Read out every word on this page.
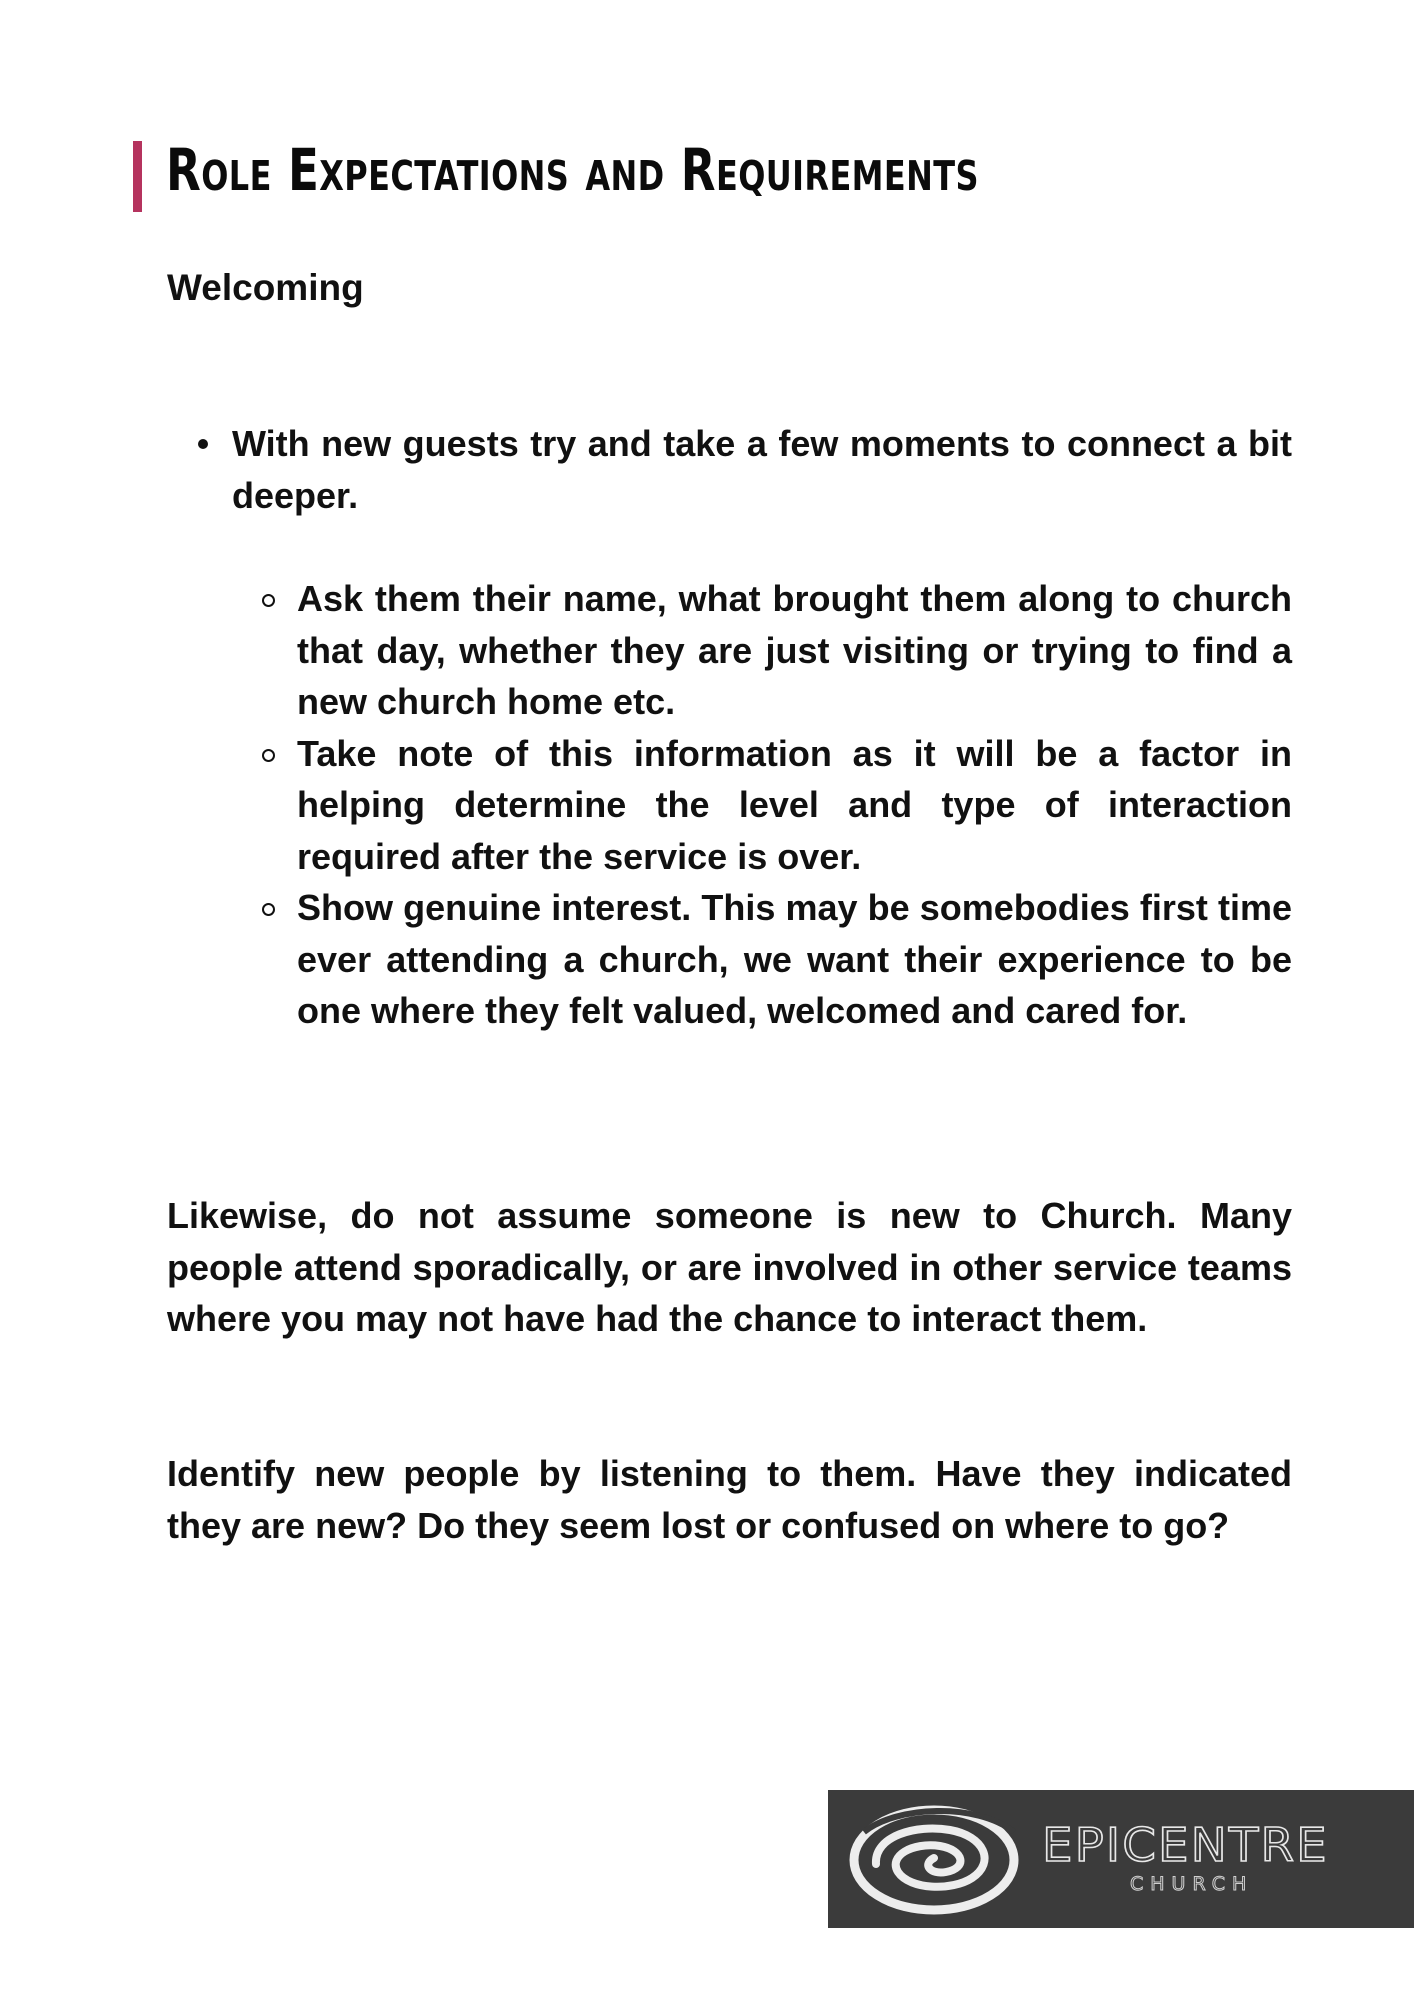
Role Expectations and Requirements
Welcoming
With new guests try and take a few moments to connect a bit deeper.
Ask them their name, what brought them along to church that day, whether they are just visiting or trying to find a new church home etc.
Take note of this information as it will be a factor in helping determine the level and type of interaction required after the service is over.
Show genuine interest. This may be somebodies first time ever attending a church, we want their experience to be one where they felt valued, welcomed and cared for.

Likewise, do not assume someone is new to Church. Many people attend sporadically, or are involved in other service teams where you may not have had the chance to interact them.

Identify new people by listening to them. Have they indicated they are new? Do they seem lost or confused on where to go?

EPICENTRE

CHURCH
